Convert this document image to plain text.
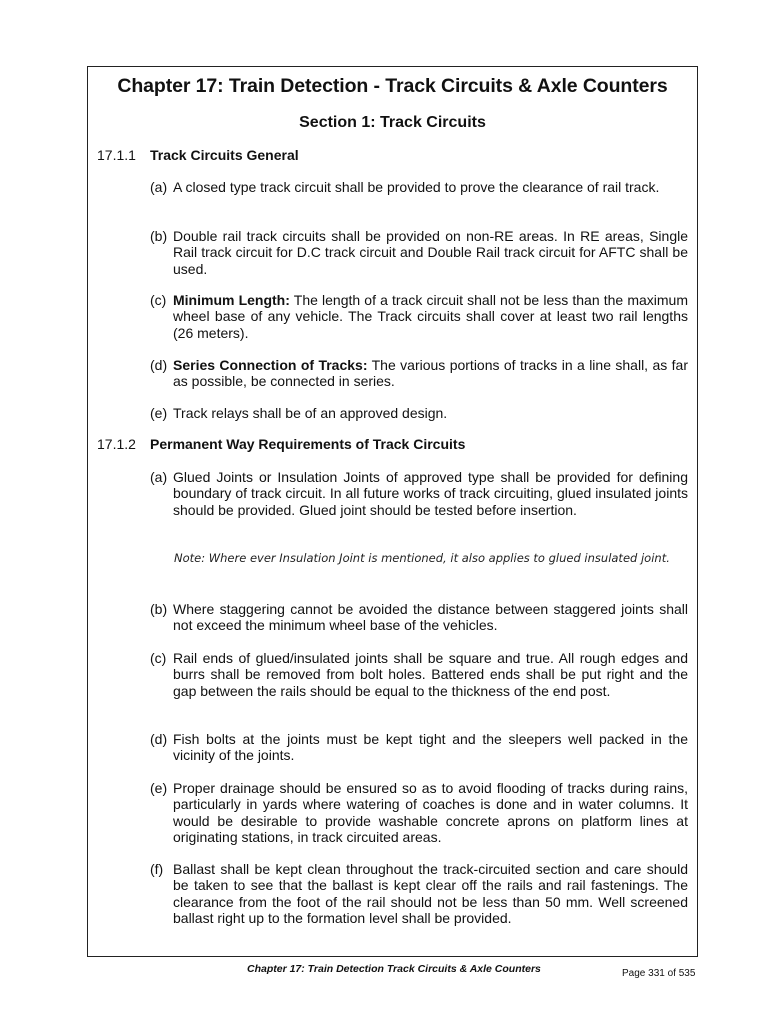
Chapter 17: Train Detection - Track Circuits & Axle Counters
Section 1: Track Circuits
17.1.1 Track Circuits General
(a) A closed type track circuit shall be provided to prove the clearance of rail track.
(b) Double rail track circuits shall be provided on non-RE areas. In RE areas, Single Rail track circuit for D.C track circuit and Double Rail track circuit for AFTC shall be used.
(c) Minimum Length: The length of a track circuit shall not be less than the maximum wheel base of any vehicle. The Track circuits shall cover at least two rail lengths (26 meters).
(d) Series Connection of Tracks: The various portions of tracks in a line shall, as far as possible, be connected in series.
(e) Track relays shall be of an approved design.
17.1.2 Permanent Way Requirements of Track Circuits
(a) Glued Joints or Insulation Joints of approved type shall be provided for defining boundary of track circuit. In all future works of track circuiting, glued insulated joints should be provided. Glued joint should be tested before insertion.
Note: Where ever Insulation Joint is mentioned, it also applies to glued insulated joint.
(b) Where staggering cannot be avoided the distance between staggered joints shall not exceed the minimum wheel base of the vehicles.
(c) Rail ends of glued/insulated joints shall be square and true. All rough edges and burrs shall be removed from bolt holes. Battered ends shall be put right and the gap between the rails should be equal to the thickness of the end post.
(d) Fish bolts at the joints must be kept tight and the sleepers well packed in the vicinity of the joints.
(e) Proper drainage should be ensured so as to avoid flooding of tracks during rains, particularly in yards where watering of coaches is done and in water columns. It would be desirable to provide washable concrete aprons on platform lines at originating stations, in track circuited areas.
(f) Ballast shall be kept clean throughout the track-circuited section and care should be taken to see that the ballast is kept clear off the rails and rail fastenings. The clearance from the foot of the rail should not be less than 50 mm. Well screened ballast right up to the formation level shall be provided.
Chapter 17: Train Detection Track Circuits & Axle Counters	Page 331 of 535
